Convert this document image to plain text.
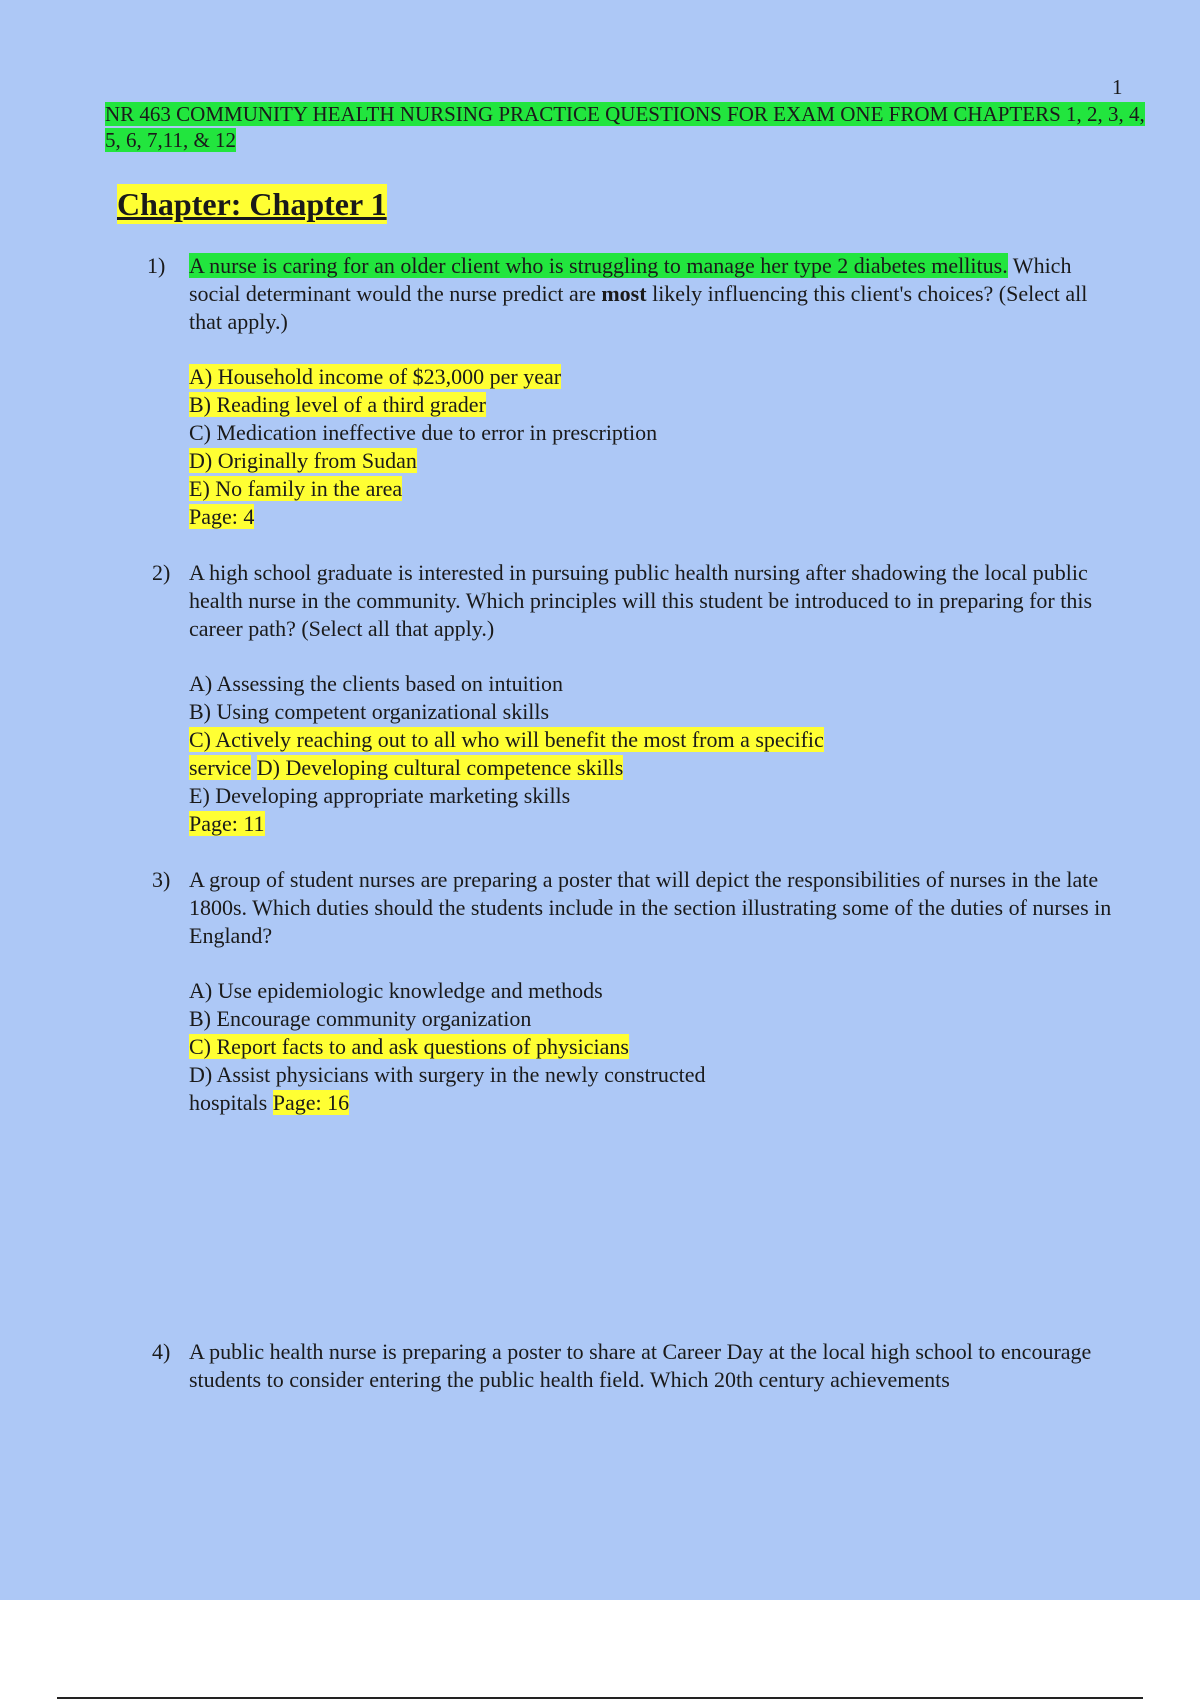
1
NR 463 COMMUNITY HEALTH NURSING PRACTICE QUESTIONS FOR EXAM ONE FROM CHAPTERS 1, 2, 3, 4, 5, 6, 7,11, & 12
Chapter: Chapter 1
1) A nurse is caring for an older client who is struggling to manage her type 2 diabetes mellitus. Which social determinant would the nurse predict are most likely influencing this client's choices? (Select all that apply.)
A) Household income of $23,000 per year
B) Reading level of a third grader
C) Medication ineffective due to error in prescription
D) Originally from Sudan
E) No family in the area
Page: 4
2) A high school graduate is interested in pursuing public health nursing after shadowing the local public health nurse in the community. Which principles will this student be introduced to in preparing for this career path? (Select all that apply.)
A) Assessing the clients based on intuition
B) Using competent organizational skills
C) Actively reaching out to all who will benefit the most from a specific
service D) Developing cultural competence skills
E) Developing appropriate marketing skills
Page: 11
3) A group of student nurses are preparing a poster that will depict the responsibilities of nurses in the late 1800s. Which duties should the students include in the section illustrating some of the duties of nurses in England?
A) Use epidemiologic knowledge and methods
B) Encourage community organization
C) Report facts to and ask questions of physicians
D) Assist physicians with surgery in the newly constructed
hospitals Page: 16
4) A public health nurse is preparing a poster to share at Career Day at the local high school to encourage students to consider entering the public health field. Which 20th century achievements
